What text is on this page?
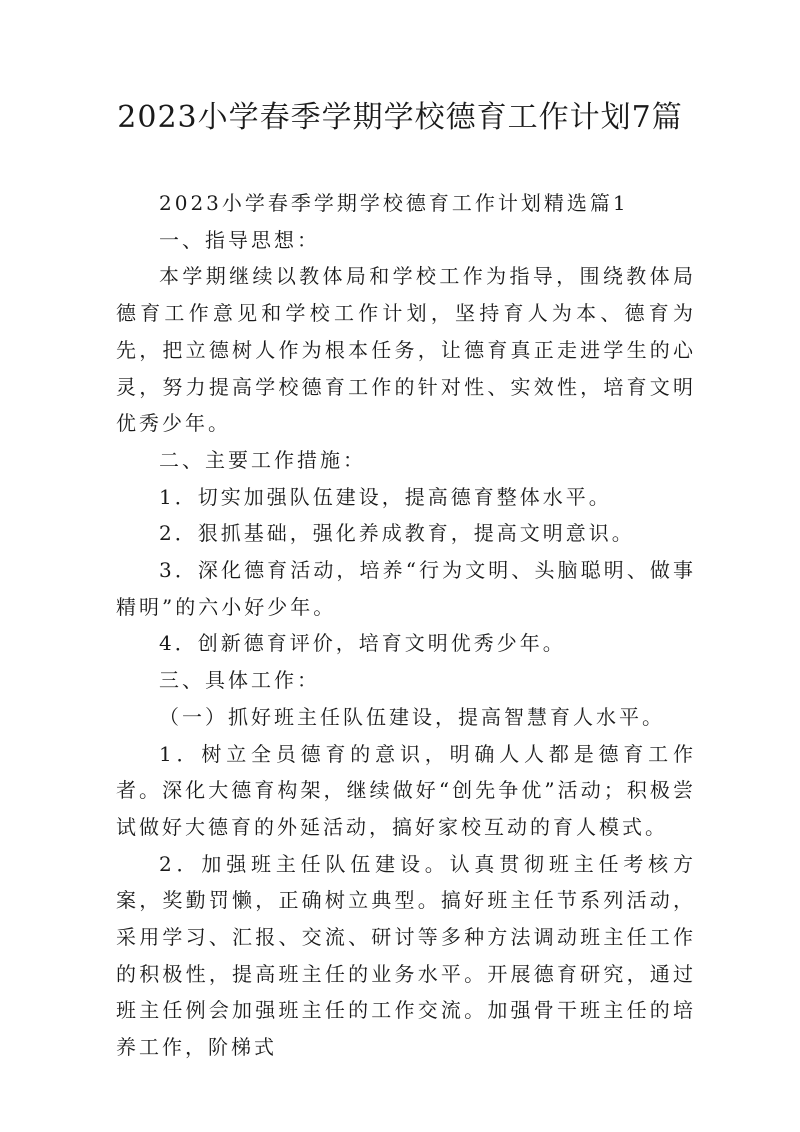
2023小学春季学期学校德育工作计划7篇

2023小学春季学期学校德育工作计划精选篇1

一、指导思想：

本学期继续以教体局和学校工作为指导，围绕教体局德育工作意见和学校工作计划，坚持育人为本、德育为先，把立德树人作为根本任务，让德育真正走进学生的心灵，努力提高学校德育工作的针对性、实效性，培育文明优秀少年。

二、主要工作措施：

1．切实加强队伍建设，提高德育整体水平。

2．狠抓基础，强化养成教育，提高文明意识。

3．深化德育活动，培养“行为文明、头脑聪明、做事精明”的六小好少年。

4．创新德育评价，培育文明优秀少年。

三、具体工作：

（一）抓好班主任队伍建设，提高智慧育人水平。

1．树立全员德育的意识，明确人人都是德育工作者。深化大德育构架，继续做好“创先争优”活动；积极尝试做好大德育的外延活动，搞好家校互动的育人模式。

2．加强班主任队伍建设。认真贯彻班主任考核方案，奖勤罚懒，正确树立典型。搞好班主任节系列活动，采用学习、汇报、交流、研讨等多种方法调动班主任工作的积极性，提高班主任的业务水平。开展德育研究，通过班主任例会加强班主任的工作交流。加强骨干班主任的培养工作，阶梯式
